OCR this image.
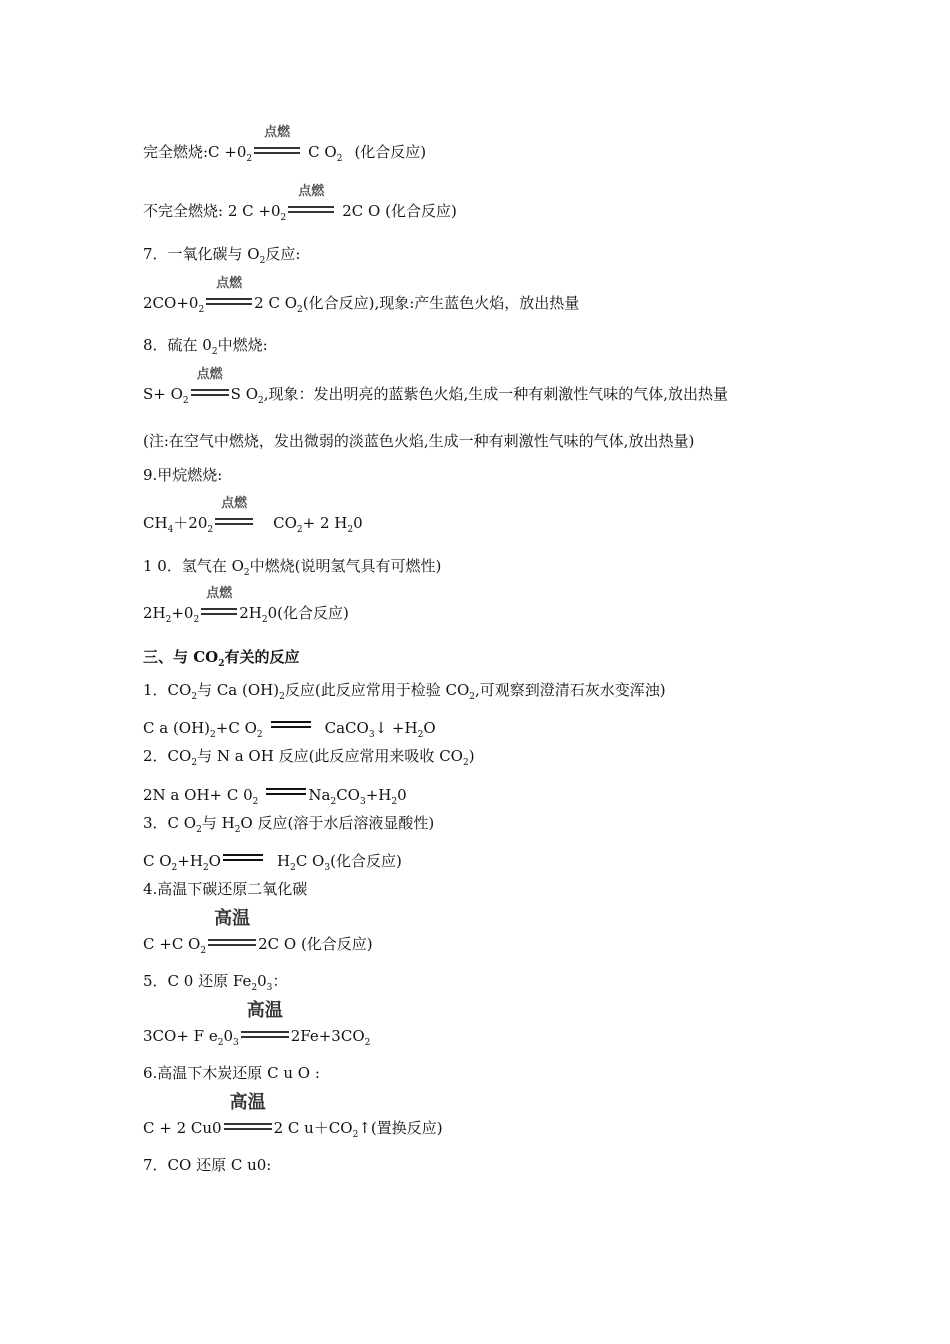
完全燃烧:C $+0_2$
点燃
C $O_2$ (化合反应)
不完全燃烧: 2 $C +0_2$
点燃
2C O (化合反应)
7．一氧化碳与 $O_2$反应:
$2CO+0_2$
点燃
2 C $O_2$(化合反应),现象:产生蓝色火焰，放出热量
8．硫在 $0_2$中燃烧:
$S+ O_2$
点燃
S $O_2$,现象：发出明亮的蓝紫色火焰,生成一种有刺激性气味的气体,放出热量
(注:在空气中燃烧，发出微弱的淡蓝色火焰,生成一种有刺激性气味的气体,放出热量)
9.甲烷燃烧:
$CH_4+20_2$
点燃
$CO_2+ 2$ $H_20$
1 0．氢气在 $O_2$中燃烧(说明氢气具有可燃性)
$2H_2+0_2$
点燃
$2H_20$(化合反应)
三、与 $CO_2$有关的反应
1．$CO_2$与 Ca $(OH)_2$反应(此反应常用于检验 $CO_2$,可观察到澄清石灰水变浑浊)
C a $(OH)_2+C$ $O_2$	CaCO$_3$↓ $+H_2O$
2．$CO_2$与 N a OH 反应(此反应常用来吸收 $CO_2$)
2N a OH+ C $0_2$	$Na_2CO_3+H_20$
3．C $O_2$与 $H_2O$ 反应(溶于水后溶液显酸性)
C $O_2+H_2O$	$H_2C$ $O_3$(化合反应)
4.高温下碳还原二氧化碳
C +C $O_2$
高温
2C O (化合反应)
5．C 0 还原 $Fe_20_3$：
3CO+ F $e_20_3$
高温
$2Fe+3CO_2$
6.高温下木炭还原 C u O :
C + 2 Cu0
高温
2 C $u+CO_2↑$(置换反应)
7．CO 还原 C u0:
